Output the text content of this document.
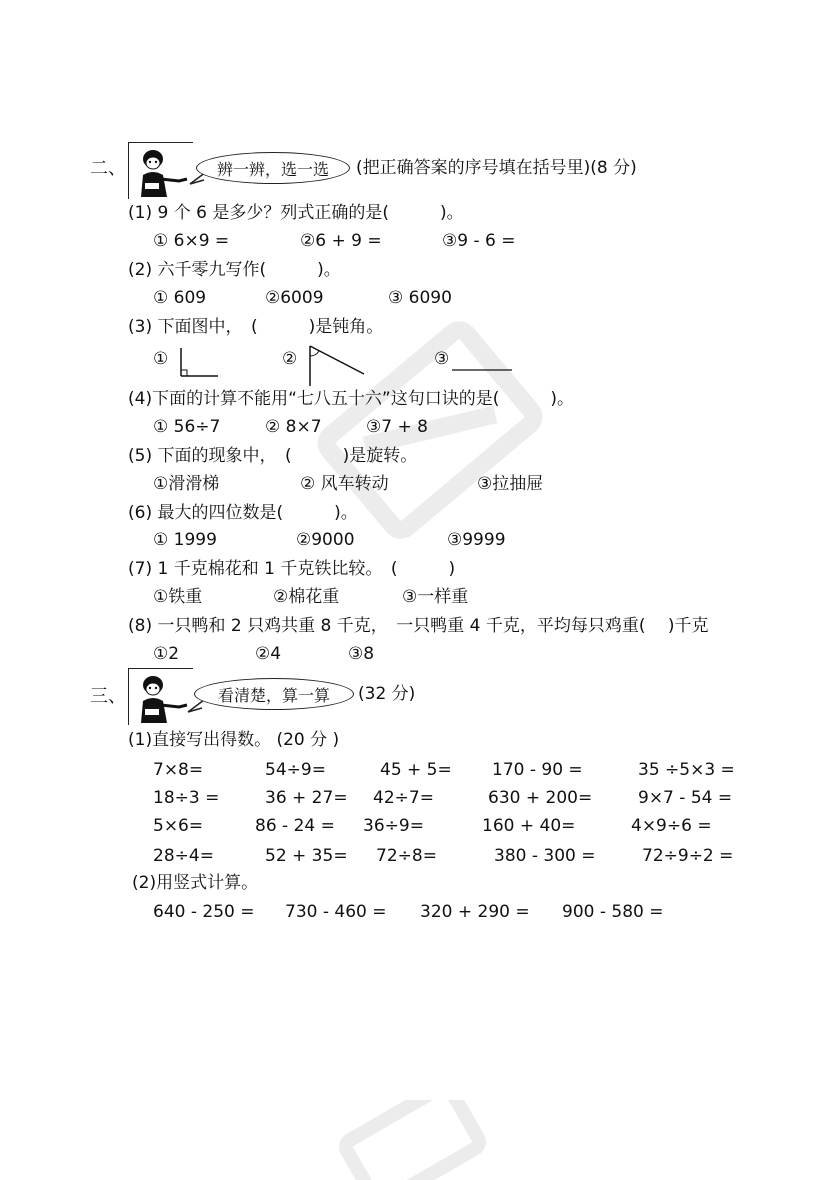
二、	辨一辨，选一选	(把正确答案的序号填在括号里)(8 分)
(1) 9 个 6 是多少？列式正确的是(　　　)。
① 6×9 =	②6 + 9 =	③9 - 6 =
(2) 六千零九写作(　　　)。
① 609	②6009	③ 6090
(3) 下面图中，　(　　　)是钝角。
①	②	③
(4)下面的计算不能用“七八五十六”这句口诀的是(　　　)。
① 56÷7	② 8×7	③7 + 8
(5) 下面的现象中，　(　　　)是旋转。
①滑滑梯	② 风车转动	③拉抽屉
(6) 最大的四位数是(　　　)。
① 1999	②9000	③9999
(7) 1 千克棉花和 1 千克铁比较。　(　　　)
①铁重	②棉花重	③一样重
(8) 一只鸭和 2 只鸡共重 8 千克，　一只鸭重 4 千克，平均每只鸡重(　 )千克
①2	②4	③8
三、	看清楚，算一算	(32 分)
(1)直接写出得数。 (20 分 )
7×8=	54÷9=	45 + 5= 170 - 90 =	35 ÷5×3 =
18÷3 =	36 + 27= 42÷7=	630 + 200=	9×7 - 54 =
5×6=	86 - 24 = 36÷9=	160 + 40=	4×9÷6 =
28÷4=	52 + 35= 72÷8=	380 - 300 =	72÷9÷2 =
(2)用竖式计算。
640 - 250 = 730 - 460 = 320 + 290 = 900 - 580 =
